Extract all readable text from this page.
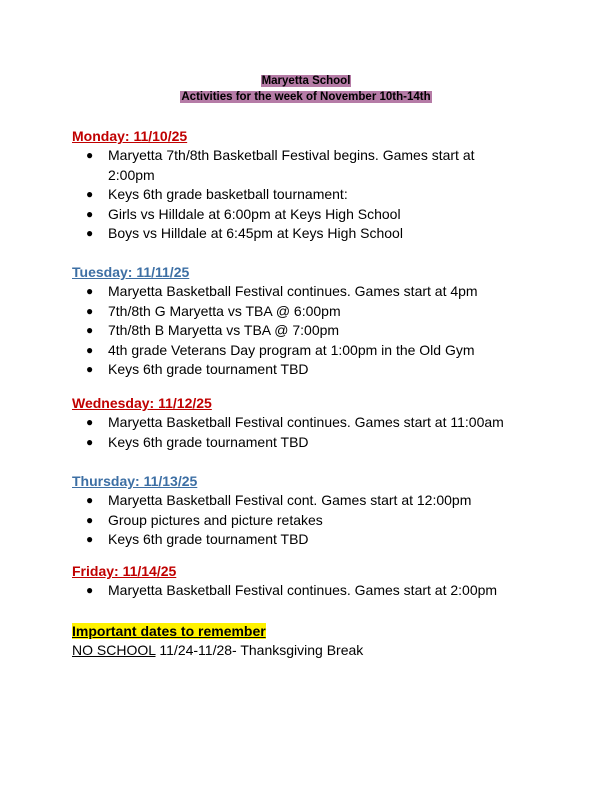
Maryetta School
Activities for the week of November 10th-14th
Monday: 11/10/25
● Maryetta 7th/8th Basketball Festival begins. Games start at 2:00pm
● Keys 6th grade basketball tournament:
● Girls vs Hilldale at 6:00pm at Keys High School
● Boys vs Hilldale at 6:45pm at Keys High School
Tuesday: 11/11/25
● Maryetta Basketball Festival continues. Games start at 4pm
● 7th/8th G Maryetta vs TBA @ 6:00pm
● 7th/8th B Maryetta vs TBA @ 7:00pm
● 4th grade Veterans Day program at 1:00pm in the Old Gym
● Keys 6th grade tournament TBD
Wednesday: 11/12/25
● Maryetta Basketball Festival continues. Games start at 11:00am
● Keys 6th grade tournament TBD
Thursday: 11/13/25
● Maryetta Basketball Festival cont. Games start at 12:00pm
● Group pictures and picture retakes
● Keys 6th grade tournament TBD
Friday: 11/14/25
● Maryetta Basketball Festival continues. Games start at 2:00pm
Important dates to remember
NO SCHOOL 11/24-11/28- Thanksgiving Break
